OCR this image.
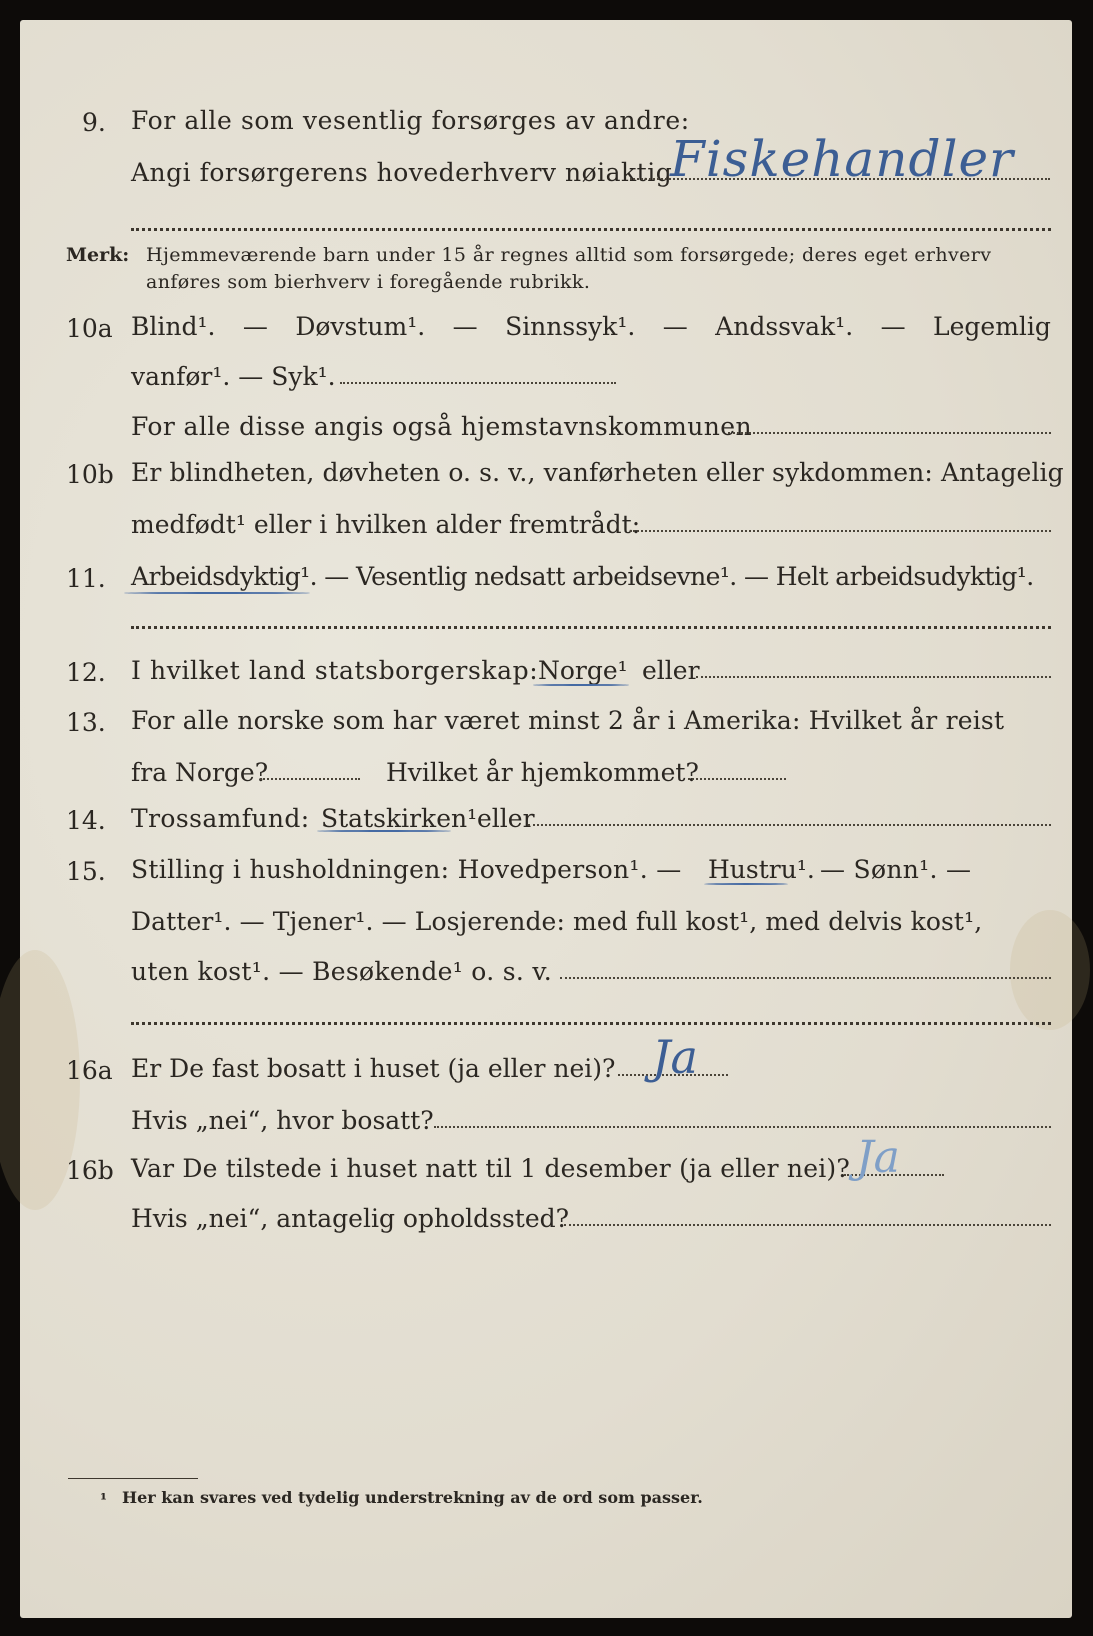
9. For alle som vesentlig forsørges av andre:
Angi forsørgerens hovederhverv nøiaktig
Fiskehandler
Merk: Hjemmeværende barn under 15 år regnes alltid som forsørgede; deres eget erhverv
anføres som bierhverv i foregående rubrikk.
10a Blind¹. — Døvstum¹. — Sinnssyk¹. — Andssvak¹. — Legemlig
vanfør¹. — Syk¹.
For alle disse angis også hjemstavnskommunen
10b Er blindheten, døvheten o. s. v., vanførheten eller sykdommen: Antagelig
medfødt¹ eller i hvilken alder fremtrådt:
11. Arbeidsdyktig¹. — Vesentlig nedsatt arbeidsevne¹. — Helt arbeidsudyktig¹.
12. I hvilket land statsborgerskap: Norge¹ eller
13. For alle norske som har været minst 2 år i Amerika: Hvilket år reist
fra Norge?	Hvilket år hjemkommet?
14. Trossamfund: Statskirken¹ eller
15. Stilling i husholdningen: Hovedperson¹. — Hustru¹. — Sønn¹. —
Datter¹. — Tjener¹. — Losjerende: med full kost¹, med delvis kost¹,
uten kost¹. — Besøkende¹ o. s. v.
16a Er De fast bosatt i huset (ja eller nei)? Ja
Hvis „nei“, hvor bosatt?
16b Var De tilstede i huset natt til 1 desember (ja eller nei)? Ja
Hvis „nei“, antagelig opholdssted?
¹ Her kan svares ved tydelig understrekning av de ord som passer.
